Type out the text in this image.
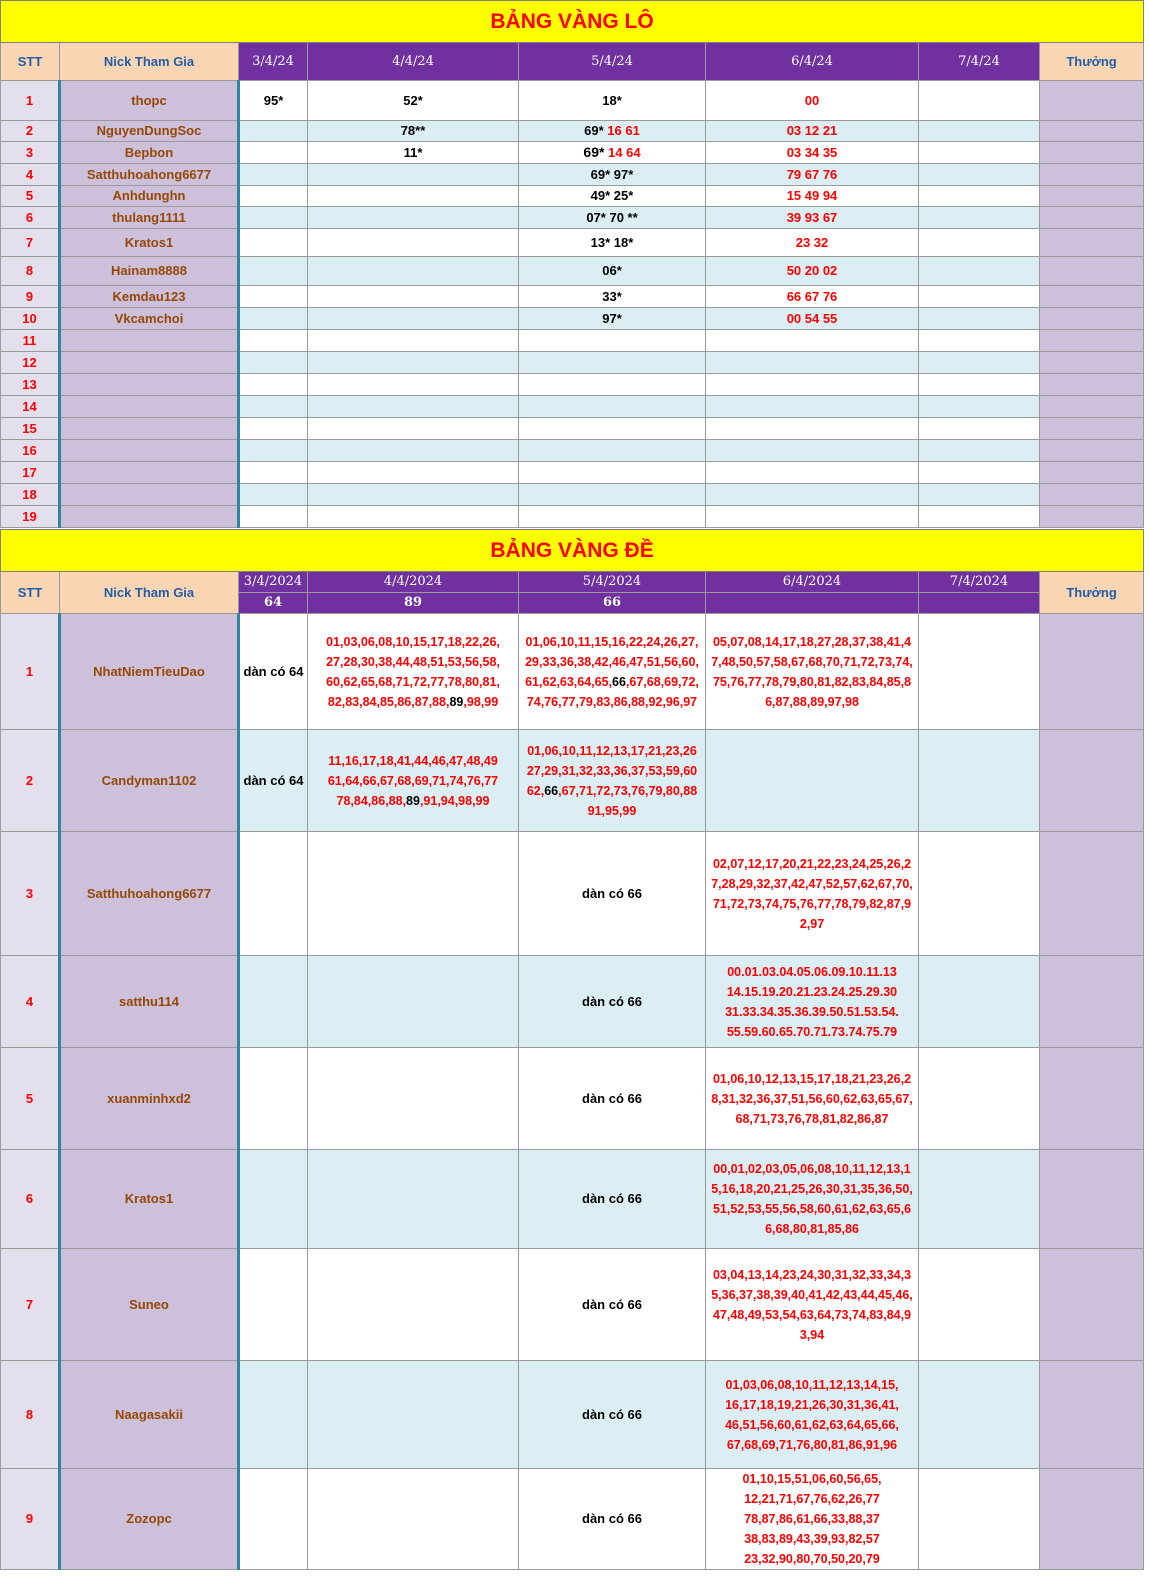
BẢNG VÀNG LÔ							
STT	Nick Tham Gia	3/4/24	4/4/24	5/4/24	6/4/24	7/4/24	Thưởng
1	thopc	95*	52*	18*	00		
2	NguyenDungSoc		78**	69* 16 61	03 12 21		
3	Bepbon		11*	69* 14 64	03 34 35		
4	Satthuhoahong6677			69* 97*	79 67 76		
5	Anhdunghn			49* 25*	15 49 94		
6	thulang1111			07* 70 **	39 93 67		
7	Kratos1			13* 18*	23 32		
8	Hainam8888			06*	50 20 02		
9	Kemdau123			33*	66 67 76		
10	Vkcamchoi			97*	00 54 55		
11							
12							
13							
14							
15							
16							
17							
18							
19							
BẢNG VÀNG ĐỀ							
STT	Nick Tham Gia	3/4/2024	4/4/2024	5/4/2024	6/4/2024	7/4/2024	Thưởng
		64	89	66			
1	NhatNiemTieuDao	dàn có 64	01,03,06,08,10,15,17,18,22,26,
27,28,30,38,44,48,51,53,56,58,
60,62,65,68,71,72,77,78,80,81,
82,83,84,85,86,87,88,89,98,99	01,06,10,11,15,16,22,24,26,27,
29,33,36,38,42,46,47,51,56,60,
61,62,63,64,65,66,67,68,69,72,
74,76,77,79,83,86,88,92,96,97	05,07,08,14,17,18,27,28,37,38,41,4
7,48,50,57,58,67,68,70,71,72,73,74,
75,76,77,78,79,80,81,82,83,84,85,8
6,87,88,89,97,98		
2	Candyman1102	dàn có 64	11,16,17,18,41,44,46,47,48,49
61,64,66,67,68,69,71,74,76,77
78,84,86,88,89,91,94,98,99	01,06,10,11,12,13,17,21,23,26
27,29,31,32,33,36,37,53,59,60
62,66,67,71,72,73,76,79,80,88
91,95,99			
3	Satthuhoahong6677			dàn có 66	02,07,12,17,20,21,22,23,24,25,26,2
7,28,29,32,37,42,47,52,57,62,67,70,
71,72,73,74,75,76,77,78,79,82,87,9
2,97		
4	satthu114			dàn có 66	00.01.03.04.05.06.09.10.11.13
14.15.19.20.21.23.24.25.29.30
31.33.34.35.36.39.50.51.53.54.
55.59.60.65.70.71.73.74.75.79		
5	xuanminhxd2			dàn có 66	01,06,10,12,13,15,17,18,21,23,26,2
8,31,32,36,37,51,56,60,62,63,65,67,
68,71,73,76,78,81,82,86,87		
6	Kratos1			dàn có 66	00,01,02,03,05,06,08,10,11,12,13,1
5,16,18,20,21,25,26,30,31,35,36,50,
51,52,53,55,56,58,60,61,62,63,65,6
6,68,80,81,85,86		
7	Suneo			dàn có 66	03,04,13,14,23,24,30,31,32,33,34,3
5,36,37,38,39,40,41,42,43,44,45,46,
47,48,49,53,54,63,64,73,74,83,84,9
3,94		
8	Naagasakii			dàn có 66	01,03,06,08,10,11,12,13,14,15,
16,17,18,19,21,26,30,31,36,41,
46,51,56,60,61,62,63,64,65,66,
67,68,69,71,76,80,81,86,91,96		
9	Zozopc			dàn có 66	01,10,15,51,06,60,56,65,
12,21,71,67,76,62,26,77
78,87,86,61,66,33,88,37
38,83,89,43,39,93,82,57
23,32,90,80,70,50,20,79		
